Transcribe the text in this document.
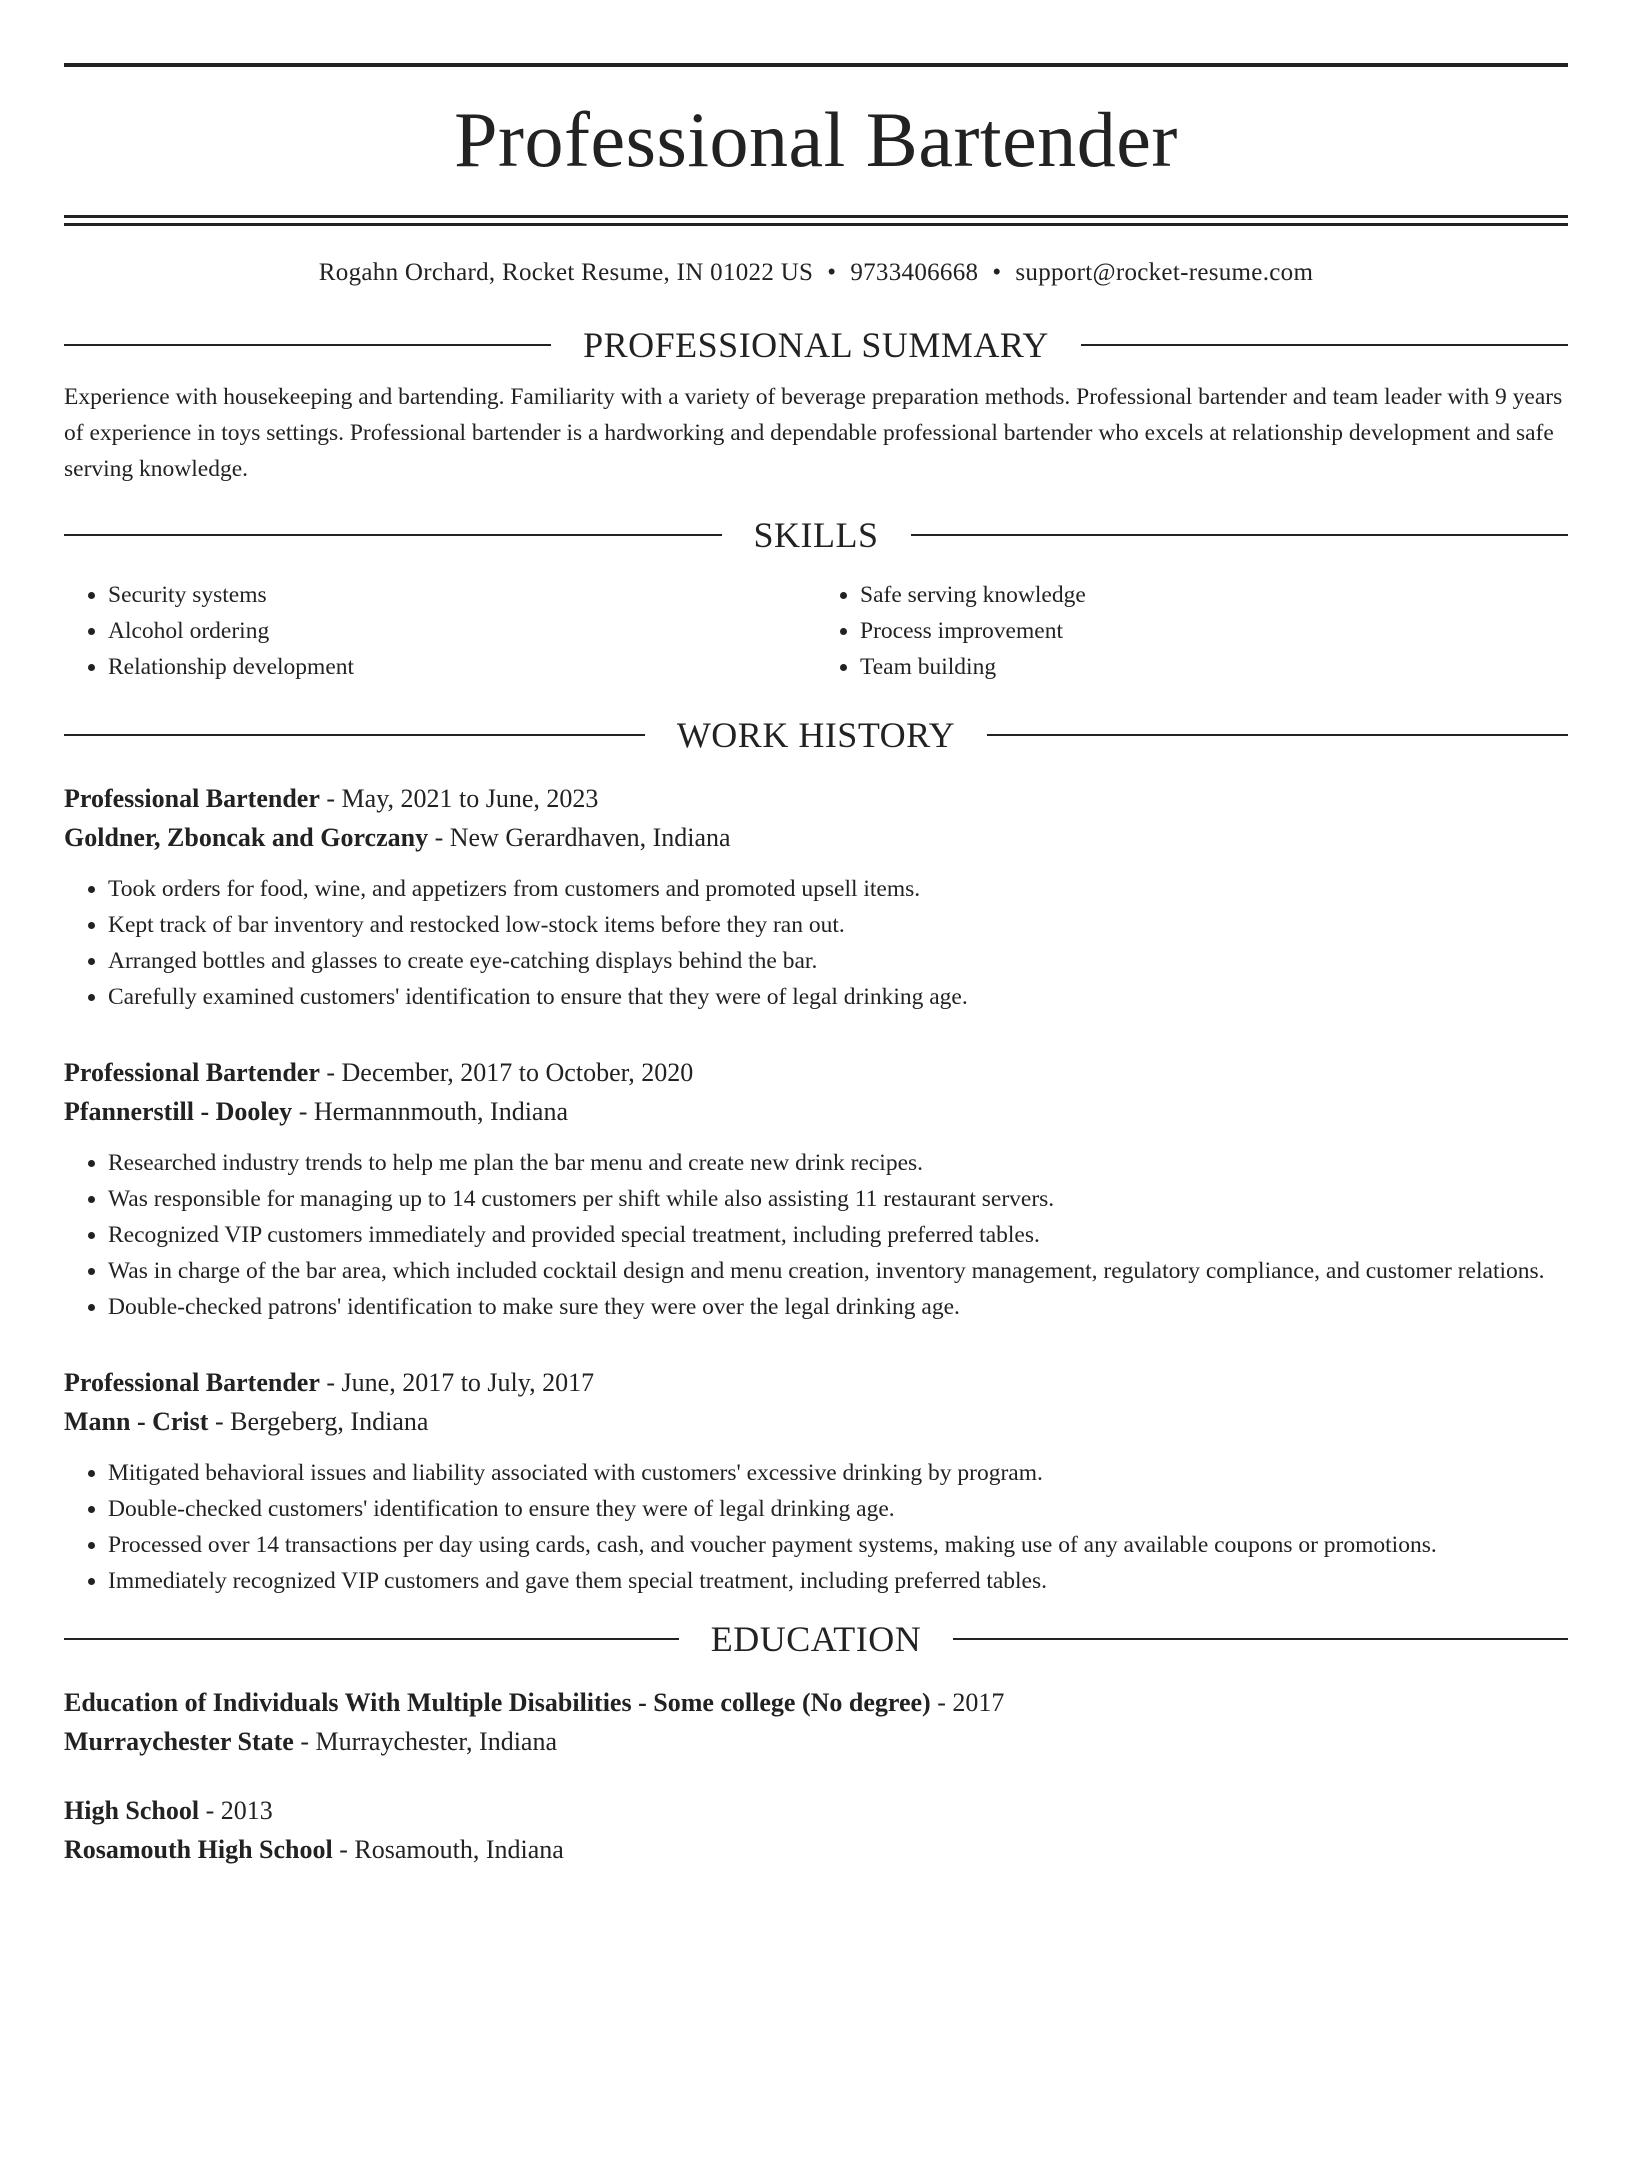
Professional Bartender
Rogahn Orchard, Rocket Resume, IN 01022 US • 9733406668 • support@rocket-resume.com
PROFESSIONAL SUMMARY
Experience with housekeeping and bartending. Familiarity with a variety of beverage preparation methods. Professional bartender and team leader with 9 years of experience in toys settings. Professional bartender is a hardworking and dependable professional bartender who excels at relationship development and safe serving knowledge.
SKILLS
• Security systems
• Alcohol ordering
• Relationship development
• Safe serving knowledge
• Process improvement
• Team building
WORK HISTORY
Professional Bartender - May, 2021 to June, 2023
Goldner, Zboncak and Gorczany - New Gerardhaven, Indiana
• Took orders for food, wine, and appetizers from customers and promoted upsell items.
• Kept track of bar inventory and restocked low-stock items before they ran out.
• Arranged bottles and glasses to create eye-catching displays behind the bar.
• Carefully examined customers' identification to ensure that they were of legal drinking age.
Professional Bartender - December, 2017 to October, 2020
Pfannerstill - Dooley - Hermannmouth, Indiana
• Researched industry trends to help me plan the bar menu and create new drink recipes.
• Was responsible for managing up to 14 customers per shift while also assisting 11 restaurant servers.
• Recognized VIP customers immediately and provided special treatment, including preferred tables.
• Was in charge of the bar area, which included cocktail design and menu creation, inventory management, regulatory compliance, and customer relations.
• Double-checked patrons' identification to make sure they were over the legal drinking age.
Professional Bartender - June, 2017 to July, 2017
Mann - Crist - Bergeberg, Indiana
• Mitigated behavioral issues and liability associated with customers' excessive drinking by program.
• Double-checked customers' identification to ensure they were of legal drinking age.
• Processed over 14 transactions per day using cards, cash, and voucher payment systems, making use of any available coupons or promotions.
• Immediately recognized VIP customers and gave them special treatment, including preferred tables.
EDUCATION
Education of Individuals With Multiple Disabilities - Some college (No degree) - 2017
Murraychester State - Murraychester, Indiana
High School - 2013
Rosamouth High School - Rosamouth, Indiana
